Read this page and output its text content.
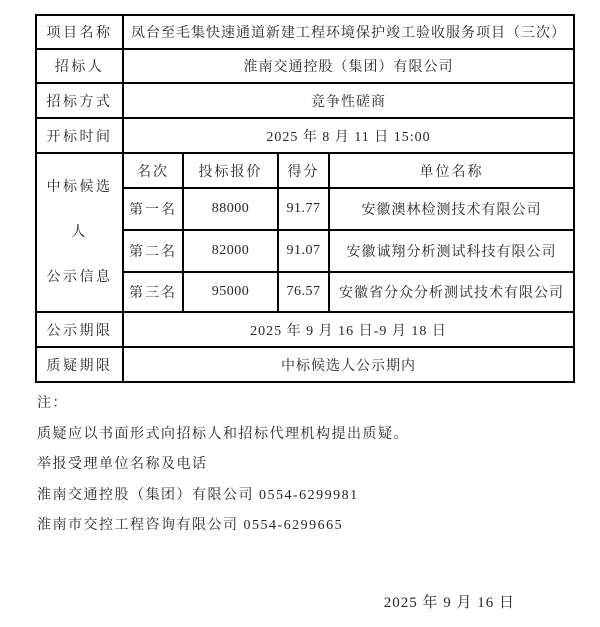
项目名称	凤台至毛集快速通道新建工程环境保护竣工验收服务项目（三次）			
招标人	淮南交通控股（集团）有限公司			
招标方式	竞争性磋商			
开标时间	2025 年 8 月 11 日 15:00			

中标候选人
公示信息	名次	投标报价	得分	单位名称
	第一名	88000	91.77	安徽澳林检测技术有限公司
	第二名	82000	91.07	安徽诚翔分析测试科技有限公司
	第三名	95000	76.57	安徽省分众分析测试技术有限公司
公示期限	2025 年 9 月 16 日-9 月 18 日			
质疑期限	中标候选人公示期内			
注：
质疑应以书面形式向招标人和招标代理机构提出质疑。
举报受理单位名称及电话
淮南交通控股（集团）有限公司 0554-6299981
淮南市交控工程咨询有限公司 0554-6299665
2025 年 9 月 16 日
